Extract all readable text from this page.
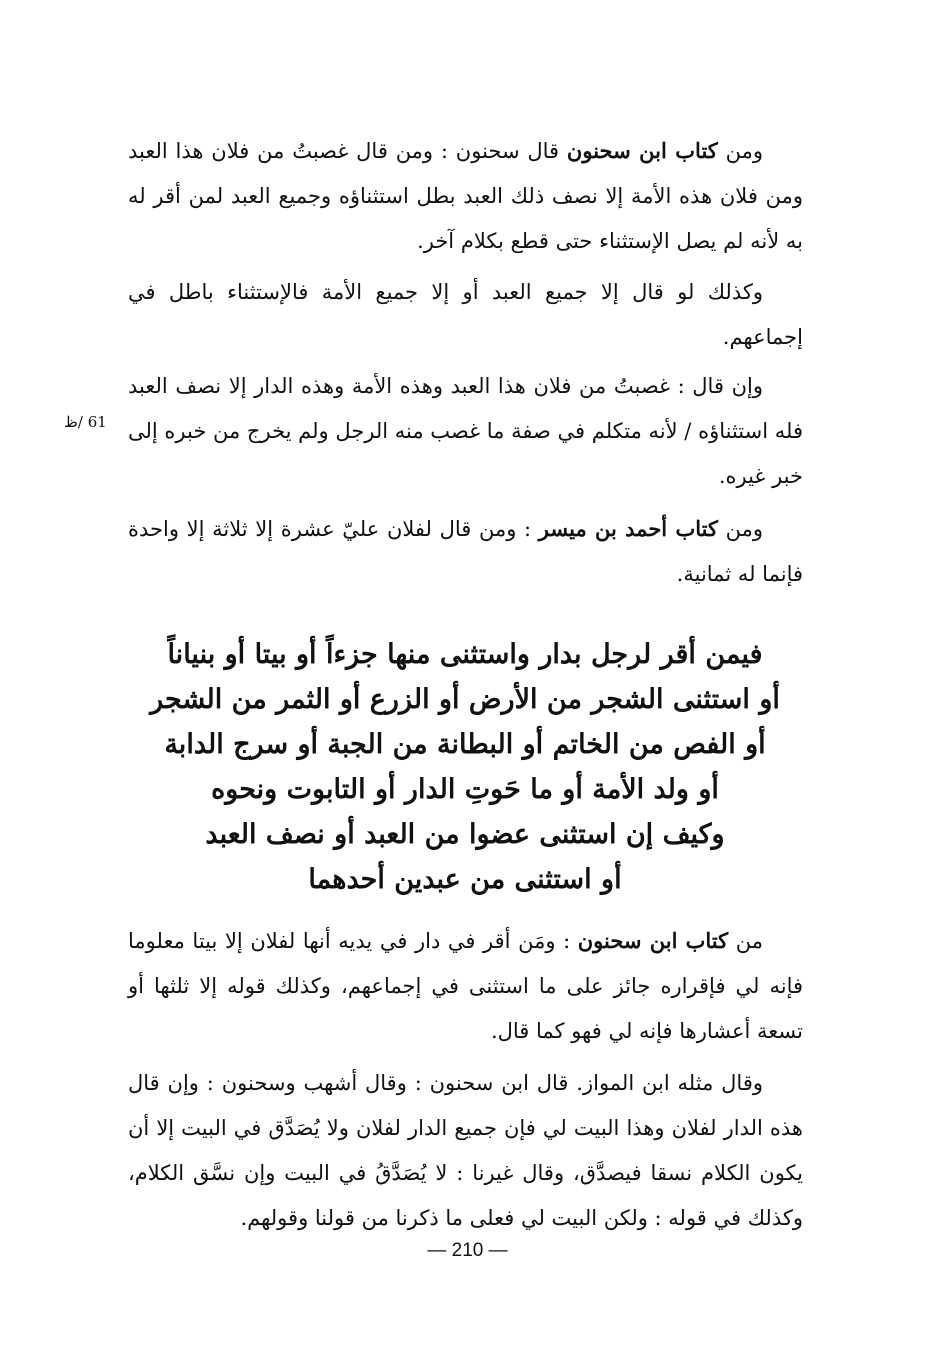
ومن كتاب ابن سحنون قال سحنون : ومن قال غصبتُ من فلان هذا العبد ومن فلان هذه الأمة إلا نصف ذلك العبد بطل استثناؤه وجميع العبد لمن أقر له به لأنه لم يصل الإستثناء حتى قطع بكلام آخر.

وكذلك لو قال إلا جميع العبد أو إلا جميع الأمة فالإستثناء باطل في إجماعهم.

وإن قال : غصبتُ من فلان هذا العبد وهذه الأمة وهذه الدار إلا نصف العبد فله استثناؤه / لأنه متكلم في صفة ما غصب منه الرجل ولم يخرج من خبره إلى خبر غيره.

61 /ظ

ومن كتاب أحمد بن ميسر : ومن قال لفلان عليّ عشرة إلا ثلاثة إلا واحدة فإنما له ثمانية.

فيمن أقر لرجل بدار واستثنى منها جزءاً أو بيتا أو بنياناً
أو استثنى الشجر من الأرض أو الزرع أو الثمر من الشجر
أو الفص من الخاتم أو البطانة من الجبة أو سرج الدابة
أو ولد الأمة أو ما حَوتِ الدار أو التابوت ونحوه
وكيف إن استثنى عضوا من العبد أو نصف العبد
أو استثنى من عبدين أحدهما

من كتاب ابن سحنون : ومَن أقر في دار في يديه أنها لفلان إلا بيتا معلوما فإنه لي فإقراره جائز على ما استثنى في إجماعهم، وكذلك قوله إلا ثلثها أو تسعة أعشارها فإنه لي فهو كما قال.

وقال مثله ابن المواز. قال ابن سحنون : وقال أشهب وسحنون : وإن قال هذه الدار لفلان وهذا البيت لي فإن جميع الدار لفلان ولا يُصَدَّق في البيت إلا أن يكون الكلام نسقا فيصدَّق، وقال غيرنا : لا يُصَدَّقُ في البيت وإن نسَّق الكلام، وكذلك في قوله : ولكن البيت لي فعلى ما ذكرنا من قولنا وقولهم.

— 210 —
